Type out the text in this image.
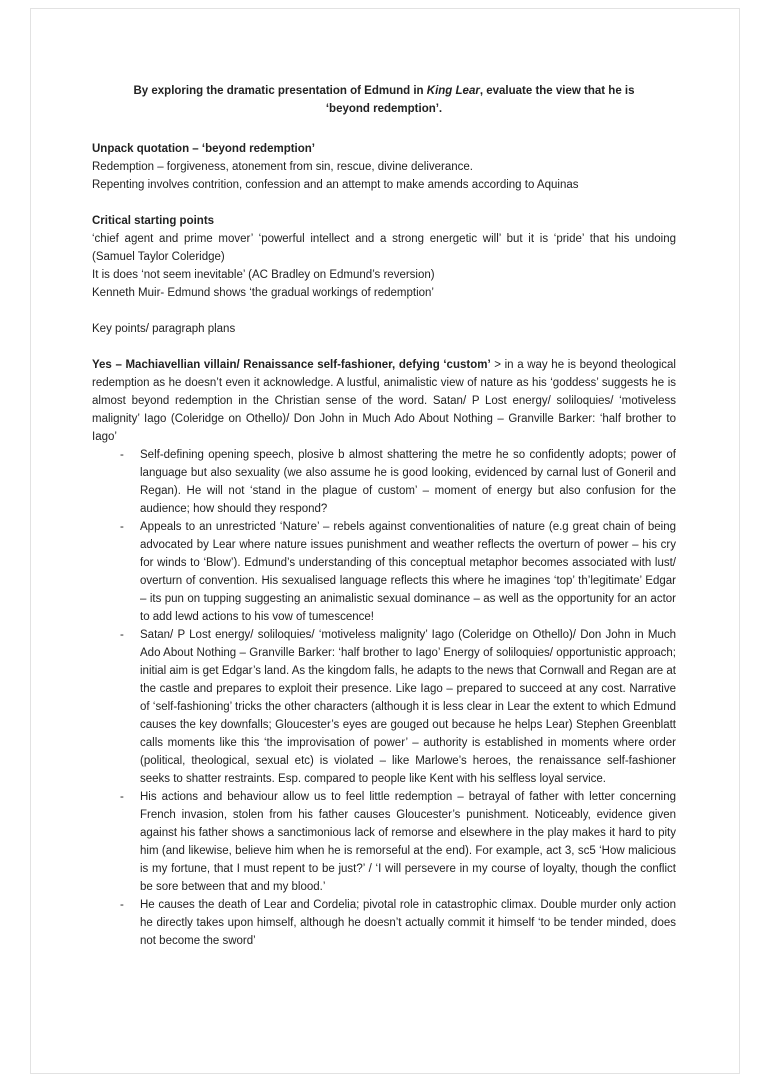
By exploring the dramatic presentation of Edmund in King Lear, evaluate the view that he is
‘beyond redemption’.

Unpack quotation – ‘beyond redemption’

Redemption – forgiveness, atonement from sin, rescue, divine deliverance.

Repenting involves contrition, confession and an attempt to make amends according to Aquinas

Critical starting points

‘chief agent and prime mover’ ‘powerful intellect and a strong energetic will’ but it is ‘pride’ that his undoing (Samuel Taylor Coleridge)

It is does ‘not seem inevitable’ (AC Bradley on Edmund’s reversion)

Kenneth Muir- Edmund shows ‘the gradual workings of redemption’

Key points/ paragraph plans

Yes – Machiavellian villain/ Renaissance self-fashioner, defying ‘custom’ > in a way he is beyond theological redemption as he doesn’t even it acknowledge. A lustful, animalistic view of nature as his ‘goddess’ suggests he is almost beyond redemption in the Christian sense of the word. Satan/ P Lost energy/ soliloquies/ ‘motiveless malignity’ Iago (Coleridge on Othello)/ Don John in Much Ado About Nothing – Granville Barker: ‘half brother to Iago’

-	Self-defining opening speech, plosive b almost shattering the metre he so confidently adopts; power of language but also sexuality (we also assume he is good looking, evidenced by carnal lust of Goneril and Regan). He will not ‘stand in the plague of custom’ – moment of energy but also confusion for the audience; how should they respond?
-	Appeals to an unrestricted ‘Nature’ – rebels against conventionalities of nature (e.g great chain of being advocated by Lear where nature issues punishment and weather reflects the overturn of power – his cry for winds to ‘Blow’). Edmund’s understanding of this conceptual metaphor becomes associated with lust/ overturn of convention. His sexualised language reflects this where he imagines ‘top’ th’legitimate’ Edgar – its pun on tupping suggesting an animalistic sexual dominance – as well as the opportunity for an actor to add lewd actions to his vow of tumescence!
-	Satan/ P Lost energy/ soliloquies/ ‘motiveless malignity’ Iago (Coleridge on Othello)/ Don John in Much Ado About Nothing – Granville Barker: ‘half brother to Iago’ Energy of soliloquies/ opportunistic approach; initial aim is get Edgar’s land. As the kingdom falls, he adapts to the news that Cornwall and Regan are at the castle and prepares to exploit their presence. Like Iago – prepared to succeed at any cost. Narrative of ‘self-fashioning’ tricks the other characters (although it is less clear in Lear the extent to which Edmund causes the key downfalls; Gloucester’s eyes are gouged out because he helps Lear) Stephen Greenblatt calls moments like this ‘the improvisation of power’ – authority is established in moments where order (political, theological, sexual etc) is violated – like Marlowe’s heroes, the renaissance self-fashioner seeks to shatter restraints. Esp. compared to people like Kent with his selfless loyal service.
-	His actions and behaviour allow us to feel little redemption – betrayal of father with letter concerning French invasion, stolen from his father causes Gloucester’s punishment. Noticeably, evidence given against his father shows a sanctimonious lack of remorse and elsewhere in the play makes it hard to pity him (and likewise, believe him when he is remorseful at the end). For example, act 3, sc5 ‘How malicious is my fortune, that I must repent to be just?’ / ‘I will persevere in my course of loyalty, though the conflict be sore between that and my blood.’
-	He causes the death of Lear and Cordelia; pivotal role in catastrophic climax. Double murder only action he directly takes upon himself, although he doesn’t actually commit it himself ‘to be tender minded, does not become the sword’
